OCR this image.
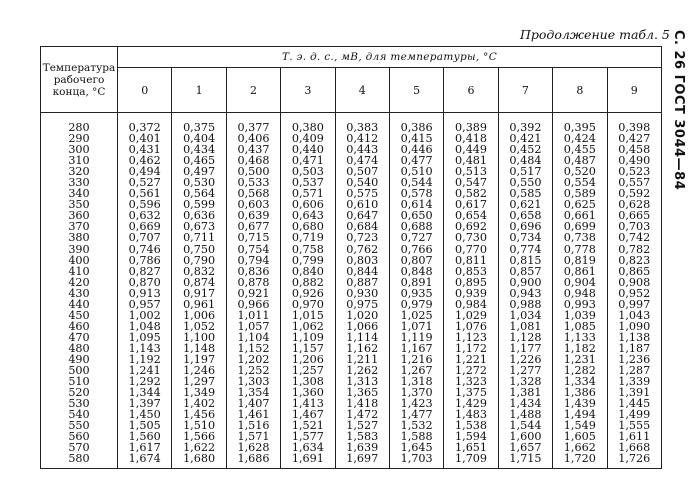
Продолжение табл. 5 С. 26 ГОСТ 3044—84
Температура рабочего конца, °С	Т. э. д. с., мВ, для температуры, °С									
	0	1	2	3	4	5	6	7	8	9
280	0,372	0,375	0,377	0,380	0,383	0,386	0,389	0,392	0,395	0,398
290	0,401	0,404	0,406	0,409	0,412	0,415	0,418	0,421	0,424	0,427
300	0,431	0,434	0,437	0,440	0,443	0,446	0,449	0,452	0,455	0,458
310	0,462	0,465	0,468	0,471	0,474	0,477	0,481	0,484	0,487	0,490
320	0,494	0,497	0,500	0,503	0,507	0,510	0,513	0,517	0,520	0,523
330	0,527	0,530	0,533	0,537	0,540	0,544	0,547	0,550	0,554	0,557
340	0,561	0,564	0,568	0,571	0,575	0,578	0,582	0,585	0,589	0,592
350	0,596	0,599	0,603	0,606	0,610	0,614	0,617	0,621	0,625	0,628
360	0,632	0,636	0,639	0,643	0,647	0,650	0,654	0,658	0,661	0,665
370	0,669	0,673	0,677	0,680	0,684	0,688	0,692	0,696	0,699	0,703
380	0,707	0,711	0,715	0,719	0,723	0,727	0,730	0,734	0,738	0,742
390	0,746	0,750	0,754	0,758	0,762	0,766	0,770	0,774	0,778	0,782
400	0,786	0,790	0,794	0,799	0,803	0,807	0,811	0,815	0,819	0,823
410	0,827	0,832	0,836	0,840	0,844	0,848	0,853	0,857	0,861	0,865
420	0,870	0,874	0,878	0,882	0,887	0,891	0,895	0,900	0,904	0,908
430	0,913	0,917	0,921	0,926	0,930	0,935	0,939	0,943	0,948	0,952
440	0,957	0,961	0,966	0,970	0,975	0,979	0,984	0,988	0,993	0,997
450	1,002	1,006	1,011	1,015	1,020	1,025	1,029	1,034	1,039	1,043
460	1,048	1,052	1,057	1,062	1,066	1,071	1,076	1,081	1,085	1,090
470	1,095	1,100	1,104	1,109	1,114	1,119	1,123	1,128	1,133	1,138
480	1,143	1,148	1,152	1,157	1,162	1,167	1,172	1,177	1,182	1,187
490	1,192	1,197	1,202	1,206	1,211	1,216	1,221	1,226	1,231	1,236
500	1,241	1,246	1,252	1,257	1,262	1,267	1,272	1,277	1,282	1,287
510	1,292	1,297	1,303	1,308	1,313	1,318	1,323	1,328	1,334	1,339
520	1,344	1,349	1,354	1,360	1,365	1,370	1,375	1,381	1,386	1,391
530	1,397	1,402	1,407	1,413	1,418	1,423	1,429	1,434	1,439	1,445
540	1,450	1,456	1,461	1,467	1,472	1,477	1,483	1,488	1,494	1,499
550	1,505	1,510	1,516	1,521	1,527	1,532	1,538	1,544	1,549	1,555
560	1,560	1,566	1,571	1,577	1,583	1,588	1,594	1,600	1,605	1,611
570	1,617	1,622	1,628	1,634	1,639	1,645	1,651	1,657	1,662	1,668
580	1,674	1,680	1,686	1,691	1,697	1,703	1,709	1,715	1,720	1,726
